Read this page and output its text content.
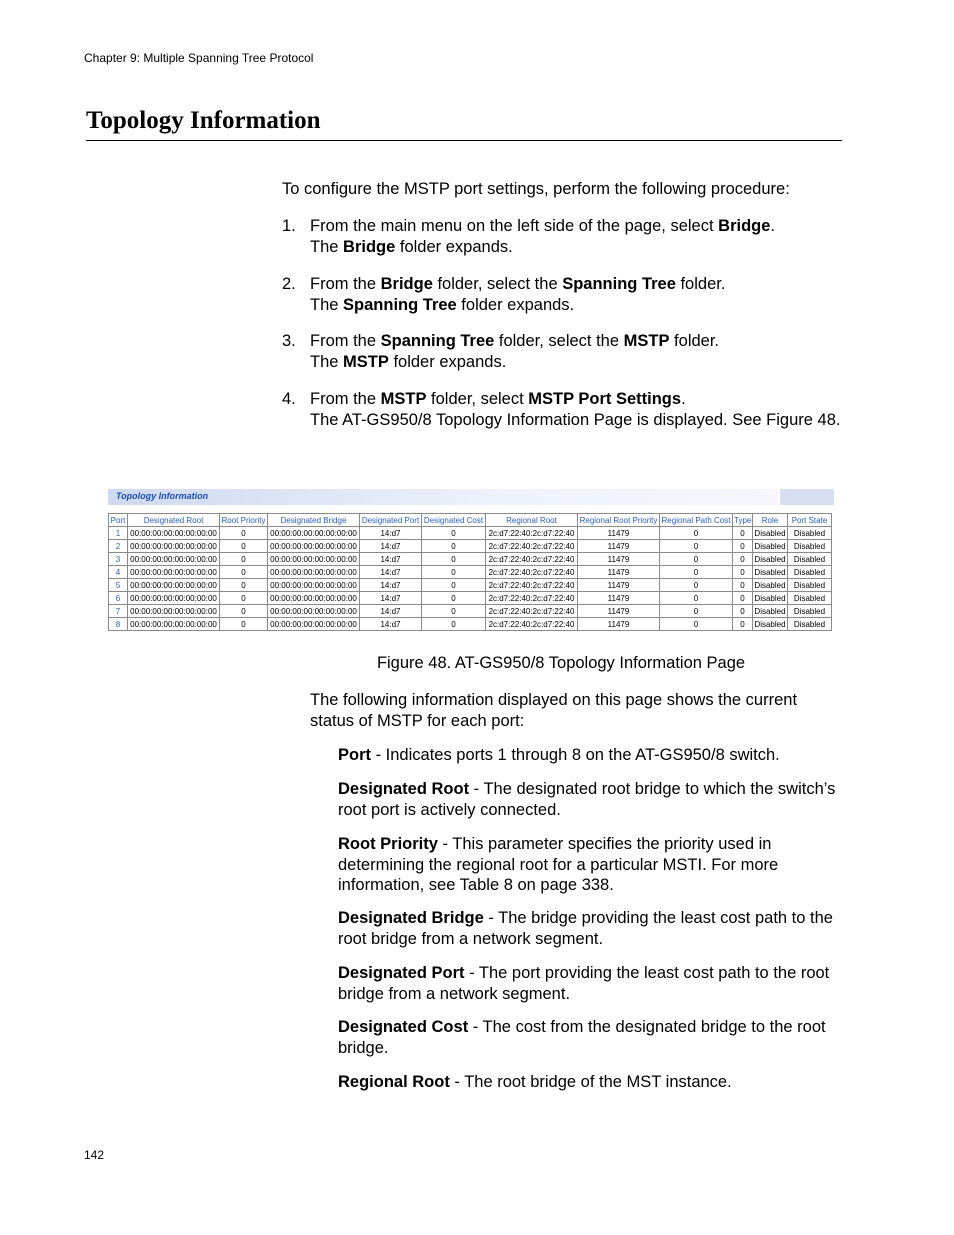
Chapter 9: Multiple Spanning Tree Protocol
Topology Information
To configure the MSTP port settings, perform the following procedure:
1. From the main menu on the left side of the page, select Bridge.
The Bridge folder expands.
2. From the Bridge folder, select the Spanning Tree folder.
The Spanning Tree folder expands.
3. From the Spanning Tree folder, select the MSTP folder.
The MSTP folder expands.
4. From the MSTP folder, select MSTP Port Settings.
The AT-GS950/8 Topology Information Page is displayed. See Figure 48.
Topology Information
Port	Designated Root	Root Priority	Designated Bridge	Designated Port	Designated Cost	Regional Root	Regional Root Priority	Regional Path Cost	Type	Role	Port State
1	00:00:00:00:00:00:00:00	0	00:00:00:00:00:00:00:00	14:d7	0	2c:d7:22:40:2c:d7:22:40	11479	0	0	Disabled	Disabled
2	00:00:00:00:00:00:00:00	0	00:00:00:00:00:00:00:00	14:d7	0	2c:d7:22:40:2c:d7:22:40	11479	0	0	Disabled	Disabled
3	00:00:00:00:00:00:00:00	0	00:00:00:00:00:00:00:00	14:d7	0	2c:d7:22:40:2c:d7:22:40	11479	0	0	Disabled	Disabled
4	00:00:00:00:00:00:00:00	0	00:00:00:00:00:00:00:00	14:d7	0	2c:d7:22:40:2c:d7:22:40	11479	0	0	Disabled	Disabled
5	00:00:00:00:00:00:00:00	0	00:00:00:00:00:00:00:00	14:d7	0	2c:d7:22:40:2c:d7:22:40	11479	0	0	Disabled	Disabled
6	00:00:00:00:00:00:00:00	0	00:00:00:00:00:00:00:00	14:d7	0	2c:d7:22:40:2c:d7:22:40	11479	0	0	Disabled	Disabled
7	00:00:00:00:00:00:00:00	0	00:00:00:00:00:00:00:00	14:d7	0	2c:d7:22:40:2c:d7:22:40	11479	0	0	Disabled	Disabled
8	00:00:00:00:00:00:00:00	0	00:00:00:00:00:00:00:00	14:d7	0	2c:d7:22:40:2c:d7:22:40	11479	0	0	Disabled	Disabled
Figure 48. AT-GS950/8 Topology Information Page
The following information displayed on this page shows the current status of MSTP for each port:
Port - Indicates ports 1 through 8 on the AT-GS950/8 switch.
Designated Root - The designated root bridge to which the switch’s root port is actively connected.
Root Priority - This parameter specifies the priority used in determining the regional root for a particular MSTI. For more information, see Table 8 on page 338.
Designated Bridge - The bridge providing the least cost path to the root bridge from a network segment.
Designated Port - The port providing the least cost path to the root bridge from a network segment.
Designated Cost - The cost from the designated bridge to the root bridge.
Regional Root - The root bridge of the MST instance.
142
